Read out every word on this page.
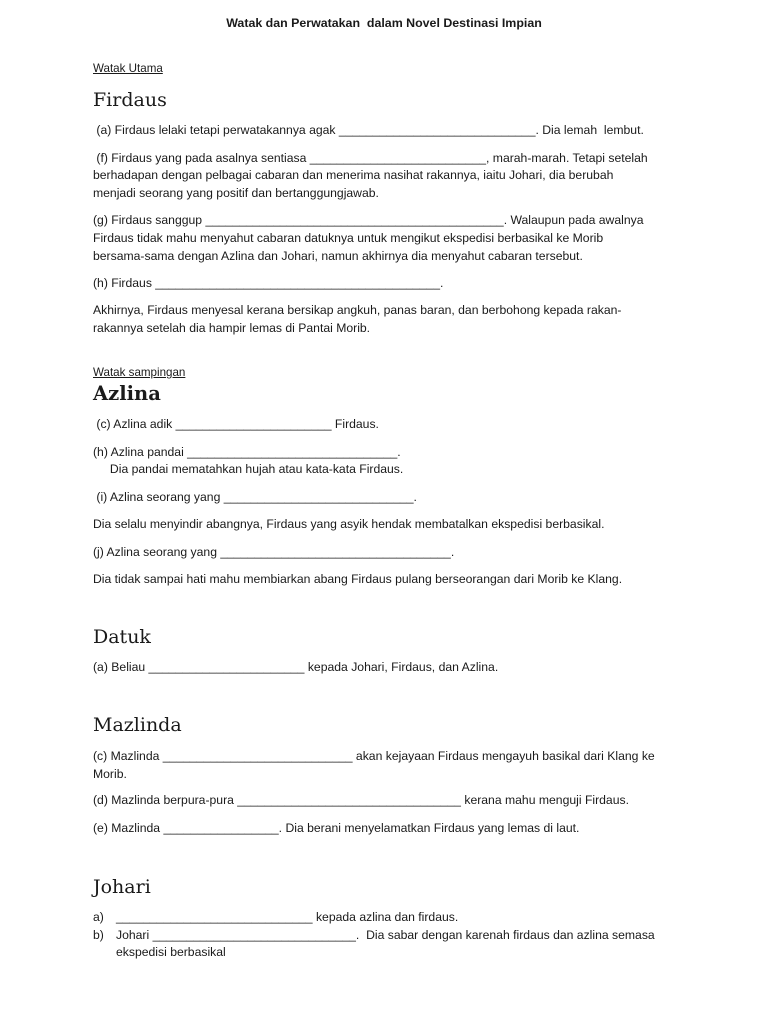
Watak dan Perwatakan  dalam Novel Destinasi Impian
Watak Utama
Firdaus
(a) Firdaus lelaki tetapi perwatakannya agak _____________________________. Dia lemah  lembut.
(f) Firdaus yang pada asalnya sentiasa __________________________, marah-marah. Tetapi setelah
berhadapan dengan pelbagai cabaran dan menerima nasihat rakannya, iaitu Johari, dia berubah
menjadi seorang yang positif dan bertanggungjawab.
(g) Firdaus sanggup ____________________________________________. Walaupun pada awalnya
Firdaus tidak mahu menyahut cabaran datuknya untuk mengikut ekspedisi berbasikal ke Morib
bersama-sama dengan Azlina dan Johari, namun akhirnya dia menyahut cabaran tersebut.
(h) Firdaus __________________________________________.
Akhirnya, Firdaus menyesal kerana bersikap angkuh, panas baran, dan berbohong kepada rakan-
rakannya setelah dia hampir lemas di Pantai Morib.
Watak sampingan
Azlina
(c) Azlina adik _______________________ Firdaus.
(h) Azlina pandai _______________________________.
Dia pandai mematahkan hujah atau kata-kata Firdaus.
(i) Azlina seorang yang ____________________________.
Dia selalu menyindir abangnya, Firdaus yang asyik hendak membatalkan ekspedisi berbasikal.
(j) Azlina seorang yang __________________________________.
Dia tidak sampai hati mahu membiarkan abang Firdaus pulang berseorangan dari Morib ke Klang.
Datuk
(a) Beliau _______________________ kepada Johari, Firdaus, dan Azlina.
Mazlinda
(c) Mazlinda ____________________________ akan kejayaan Firdaus mengayuh basikal dari Klang ke
Morib.
(d) Mazlinda berpura-pura _________________________________ kerana mahu menguji Firdaus.
(e) Mazlinda _________________. Dia berani menyelamatkan Firdaus yang lemas di laut.
Johari
a) _____________________________ kepada azlina dan firdaus.
b) Johari ______________________________.  Dia sabar dengan karenah firdaus dan azlina semasa
ekspedisi berbasikal
